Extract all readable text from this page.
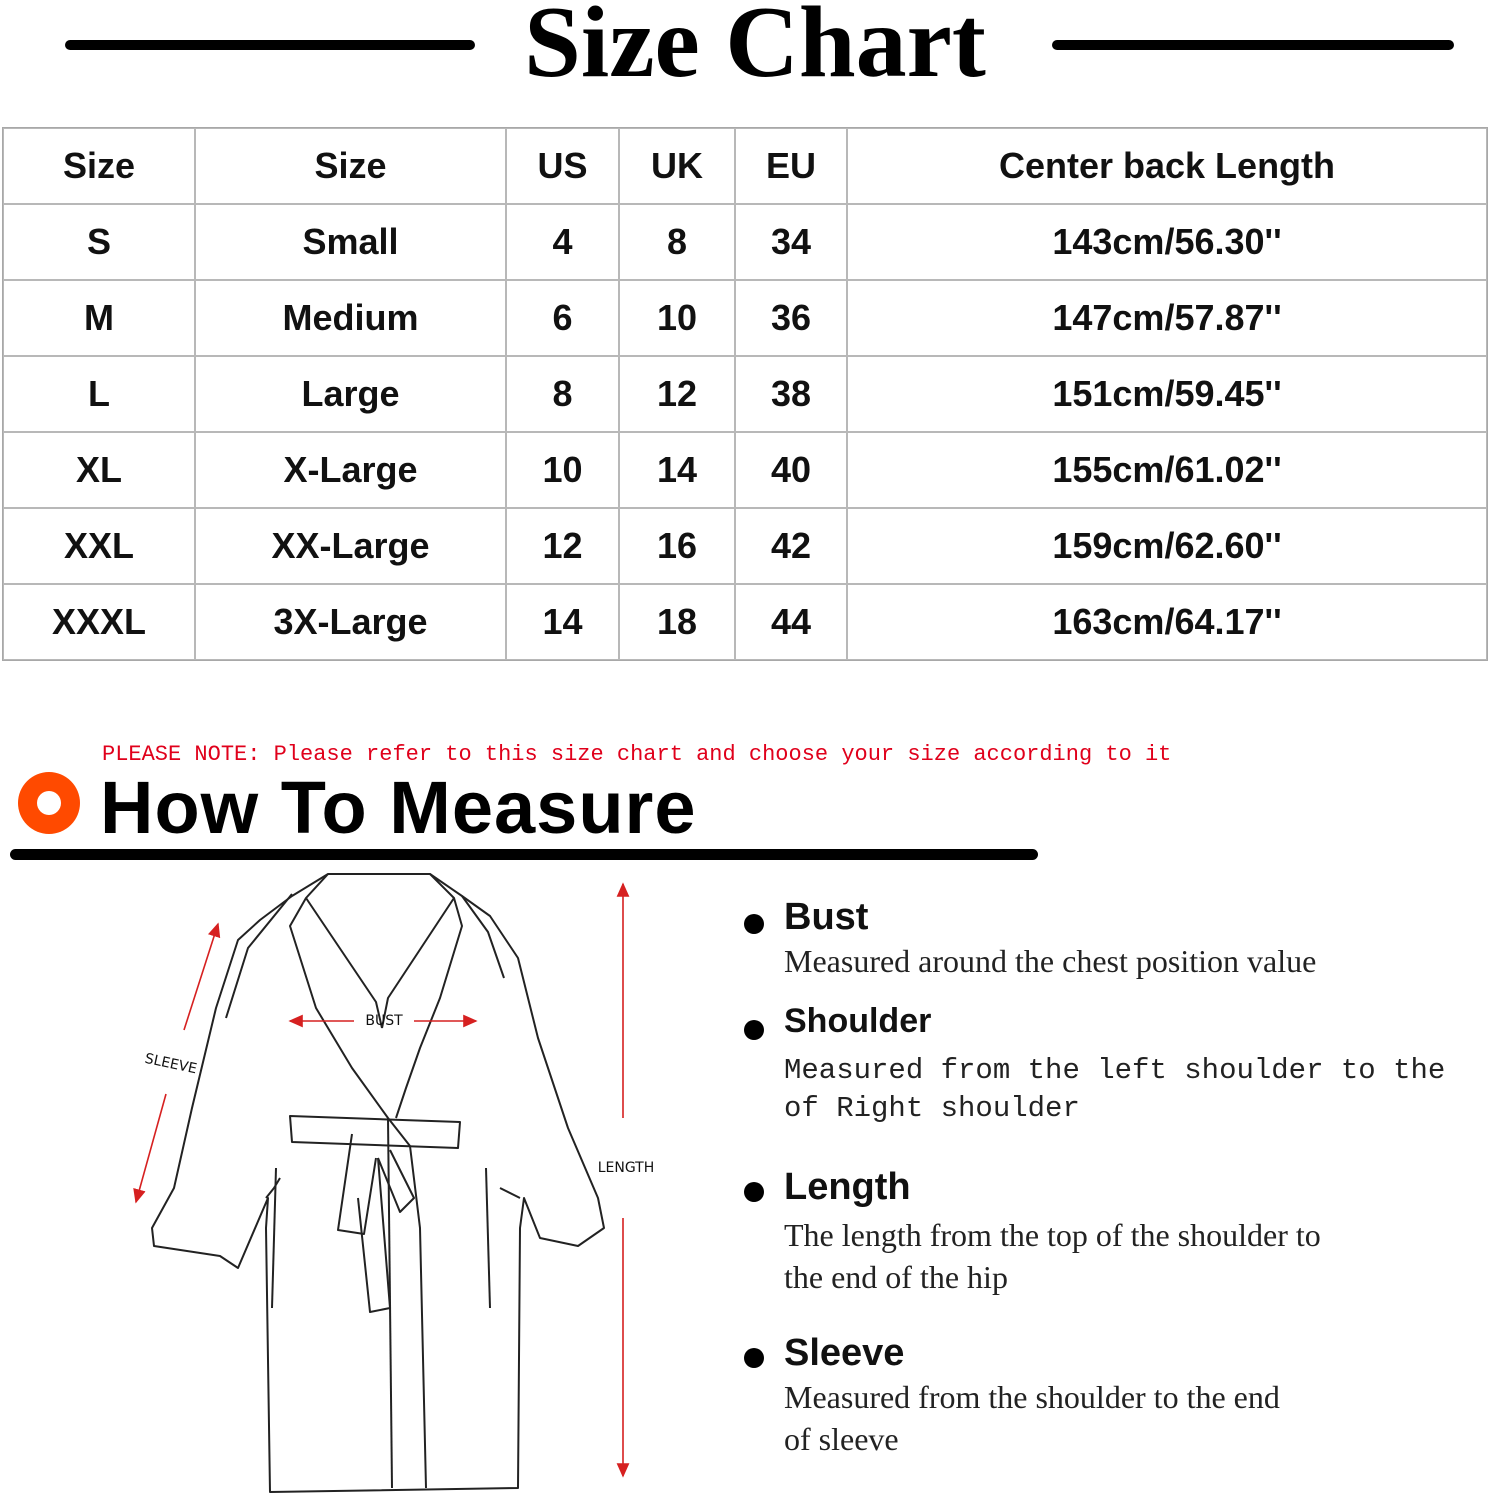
Size Chart
Size	Size	US	UK	EU	Center back Length
S	Small	4	8	34	143cm/56.30''
M	Medium	6	10	36	147cm/57.87''
L	Large	8	12	38	151cm/59.45''
XL	X-Large	10	14	40	155cm/61.02''
XXL	XX-Large	12	16	42	159cm/62.60''
XXXL	3X-Large	14	18	44	163cm/64.17''
PLEASE NOTE: Please refer to this size chart and choose your size according to it
How To Measure
BUST
SLEEVE
LENGTH
Bust
Measured around the chest position value
Shoulder
Measured from the left shoulder to the
of Right shoulder
Length
The length from the top of the shoulder to
the end of the hip
Sleeve
Measured from the shoulder to the end
of sleeve
